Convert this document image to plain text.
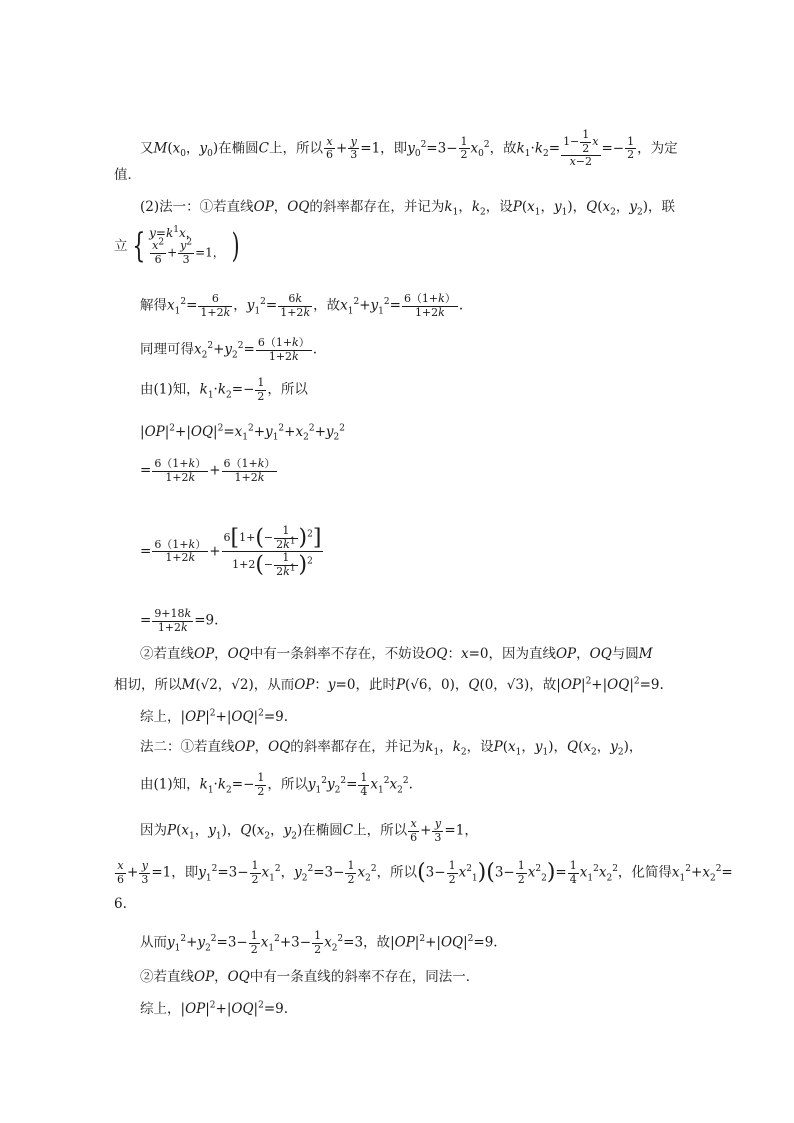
又$M(x_0$，$y_0$)在椭圆C上，所以 $\frac{x}{6} + \frac{y}{3} =1$，即$y_0^2=3- \frac{1}{2} x_0^2$，故$k_1\cdot k_2= \frac{1- \frac{1}{2} x}{x-2} =- \frac{1}{2}$ ，为定
值．
(2)法一：①若直线OP，OQ的斜率都存在，并记为$k_1$，$k_2$，设$P(x_1$，$y_1$)，$Q(x_2$，$y_2$)，联
立 { $y=k^1x$，
$\frac{x^2}{6} + \frac{y^2}{3} =1$， )
解得$x_1^2= \frac{6}{1+2k}$ ，$y_1^2= \frac{6k}{1+2k}$ ，故$x_1^2+y_1^2= \frac{6(1+k)}{1+2k}$ .
同理可得$x_2^2+y_2^2= \frac{6(1+k)}{1+2k}$ .
由(1)知，$k_1\cdot k_2=- \frac{1}{2}$ ，所以
$|OP|^2+|OQ|^2=x_1^2+y_1^2+x_2^2+y_2^2$
= $\frac{6(1+k)}{1+2k} + \frac{6(1+k)}{1+2k}$
= $\frac{6(1+k)}{1+2k} + \frac{6[1+(- \frac{1}{2k^1} )^2]}{1+2(- \frac{1}{2k^1} )^2}$
= $\frac{9+18k}{1+2k} =9$.
②若直线OP，OQ中有一条斜率不存在，不妨设OQ：x=0，因为直线OP，OQ与圆M
相切，所以M(√2，√2)，从而OP：y=0，此时P(√6，0)，Q(0，√3)，故$|OP|^2+|OQ|^2=9$.
综上，$|OP|^2+|OQ|^2=9$.
法二：①若直线OP，OQ的斜率都存在，并记为$k_1$，$k_2$，设$P(x_1$，$y_1$)，$Q(x_2$，$y_2$)，
由(1)知，$k_1\cdot k_2=- \frac{1}{2}$ ，所以$y_1^2y_2^2= \frac{1}{4} x_1^2x_2^2$.
因为$P(x_1$，$y_1$)，$Q(x_2$，$y_2$)在椭圆C上，所以 $\frac{x}{6} + \frac{y}{3} =1$，
$\frac{x}{6} + \frac{y}{3} =1$，即$y_1^2=3- \frac{1}{2} x_1^2$，$y_2^2=3- \frac{1}{2} x_2^2$，所以$(3- \frac{1}{2} x^2_1)(3- \frac{1}{2} x^2_2)= \frac{1}{4} x_1^2x_2^2$，化简得$x_1^2+x_2^2=$
6.
从而$y_1^2+y_2^2=3- \frac{1}{2} x_1^2+3- \frac{1}{2} x_2^2=3$，故$|OP|^2+|OQ|^2=9$.
②若直线OP，OQ中有一条直线的斜率不存在，同法一．
综上，$|OP|^2+|OQ|^2=9$.
